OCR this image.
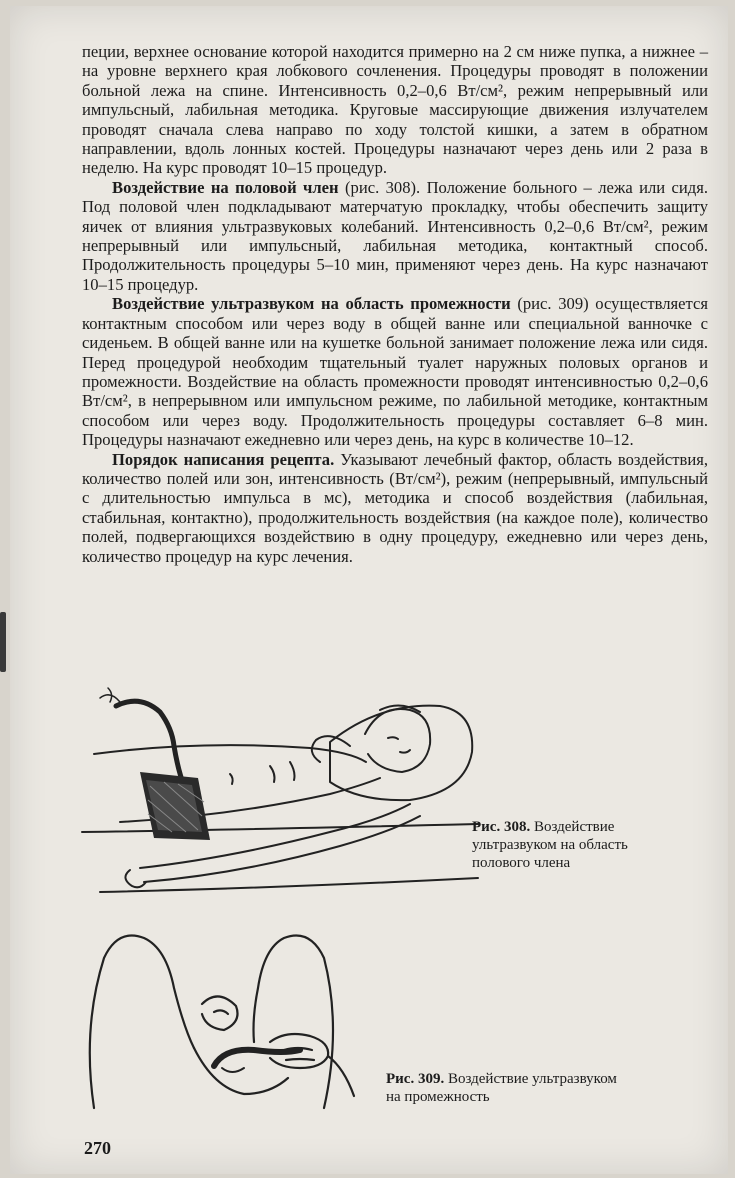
пеции, верхнее основание которой находится примерно на 2 см ниже пупка, а нижнее – на уровне верхнего края лобкового сочленения. Процедуры проводят в положении больной лежа на спине. Интенсивность 0,2–0,6 Вт/см², режим непрерывный или импульсный, лабильная методика. Круговые массирующие движения излучателем проводят сначала слева направо по ходу толстой кишки, а затем в обратном направлении, вдоль лонных костей. Процедуры назначают через день или 2 раза в неделю. На курс проводят 10–15 процедур.

Воздействие на половой член (рис. 308). Положение больного – лежа или сидя. Под половой член подкладывают матерчатую прокладку, чтобы обеспечить защиту яичек от влияния ультразвуковых колебаний. Интенсивность 0,2–0,6 Вт/см², режим непрерывный или импульсный, лабильная методика, контактный способ. Продолжительность процедуры 5–10 мин, применяют через день. На курс назначают 10–15 процедур.

Воздействие ультразвуком на область промежности (рис. 309) осуществляется контактным способом или через воду в общей ванне или специальной ванночке с сиденьем. В общей ванне или на кушетке больной занимает положение лежа или сидя. Перед процедурой необходим тщательный туалет наружных половых органов и промежности. Воздействие на область промежности проводят интенсивностью 0,2–0,6 Вт/см², в непрерывном или импульсном режиме, по лабильной методике, контактным способом или через воду. Продолжительность процедуры составляет 6–8 мин. Процедуры назначают ежедневно или через день, на курс в количестве 10–12.

Порядок написания рецепта. Указывают лечебный фактор, область воздействия, количество полей или зон, интенсивность (Вт/см²), режим (непрерывный, импульсный с длительностью импульса в мс), методика и способ воздействия (лабильная, стабильная, контактно), продолжительность воздействия (на каждое поле), количество полей, подвергающихся воздействию в одну процедуру, ежедневно или через день, количество процедур на курс лечения.

Рис. 308. Воздействие
ультразвуком на область
полового члена
Рис. 309. Воздействие ультразвуком
на промежность
270
